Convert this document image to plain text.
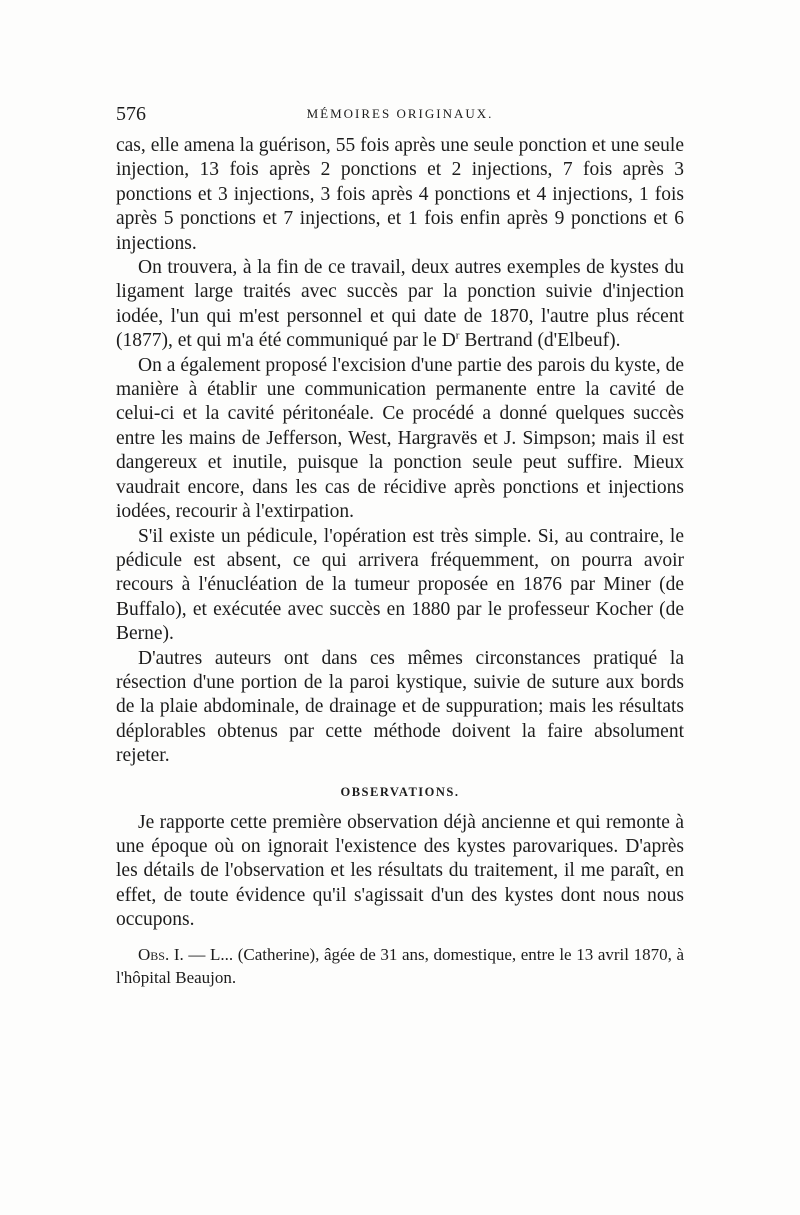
576	MÉMOIRES ORIGINAUX.

cas, elle amena la guérison, 55 fois après une seule ponction et une seule injection, 13 fois après 2 ponctions et 2 injections, 7 fois après 3 ponctions et 3 injections, 3 fois après 4 ponctions et 4 injections, 1 fois après 5 ponctions et 7 injections, et 1 fois enfin après 9 ponctions et 6 injections.

On trouvera, à la fin de ce travail, deux autres exemples de kystes du ligament large traités avec succès par la ponction suivie d'injection iodée, l'un qui m'est personnel et qui date de 1870, l'autre plus récent (1877), et qui m'a été communiqué par le $D^r$ Bertrand (d'Elbeuf).

On a également proposé l'excision d'une partie des parois du kyste, de manière à établir une communication permanente entre la cavité de celui-ci et la cavité péritonéale. Ce procédé a donné quelques succès entre les mains de Jefferson, West, Hargravës et J. Simpson; mais il est dangereux et inutile, puisque la ponction seule peut suffire. Mieux vaudrait encore, dans les cas de récidive après ponctions et injections iodées, recourir à l'extirpation.

S'il existe un pédicule, l'opération est très simple. Si, au contraire, le pédicule est absent, ce qui arrivera fréquemment, on pourra avoir recours à l'énucléation de la tumeur proposée en 1876 par Miner (de Buffalo), et exécutée avec succès en 1880 par le professeur Kocher (de Berne).

D'autres auteurs ont dans ces mêmes circonstances pratiqué la résection d'une portion de la paroi kystique, suivie de suture aux bords de la plaie abdominale, de drainage et de suppuration; mais les résultats déplorables obtenus par cette méthode doivent la faire absolument rejeter.

OBSERVATIONS.

Je rapporte cette première observation déjà ancienne et qui remonte à une époque où on ignorait l'existence des kystes parovariques. D'après les détails de l'observation et les résultats du traitement, il me paraît, en effet, de toute évidence qu'il s'agissait d'un des kystes dont nous nous occupons.

Obs. I. — L... (Catherine), âgée de 31 ans, domestique, entre le 13 avril 1870, à l'hôpital Beaujon.
